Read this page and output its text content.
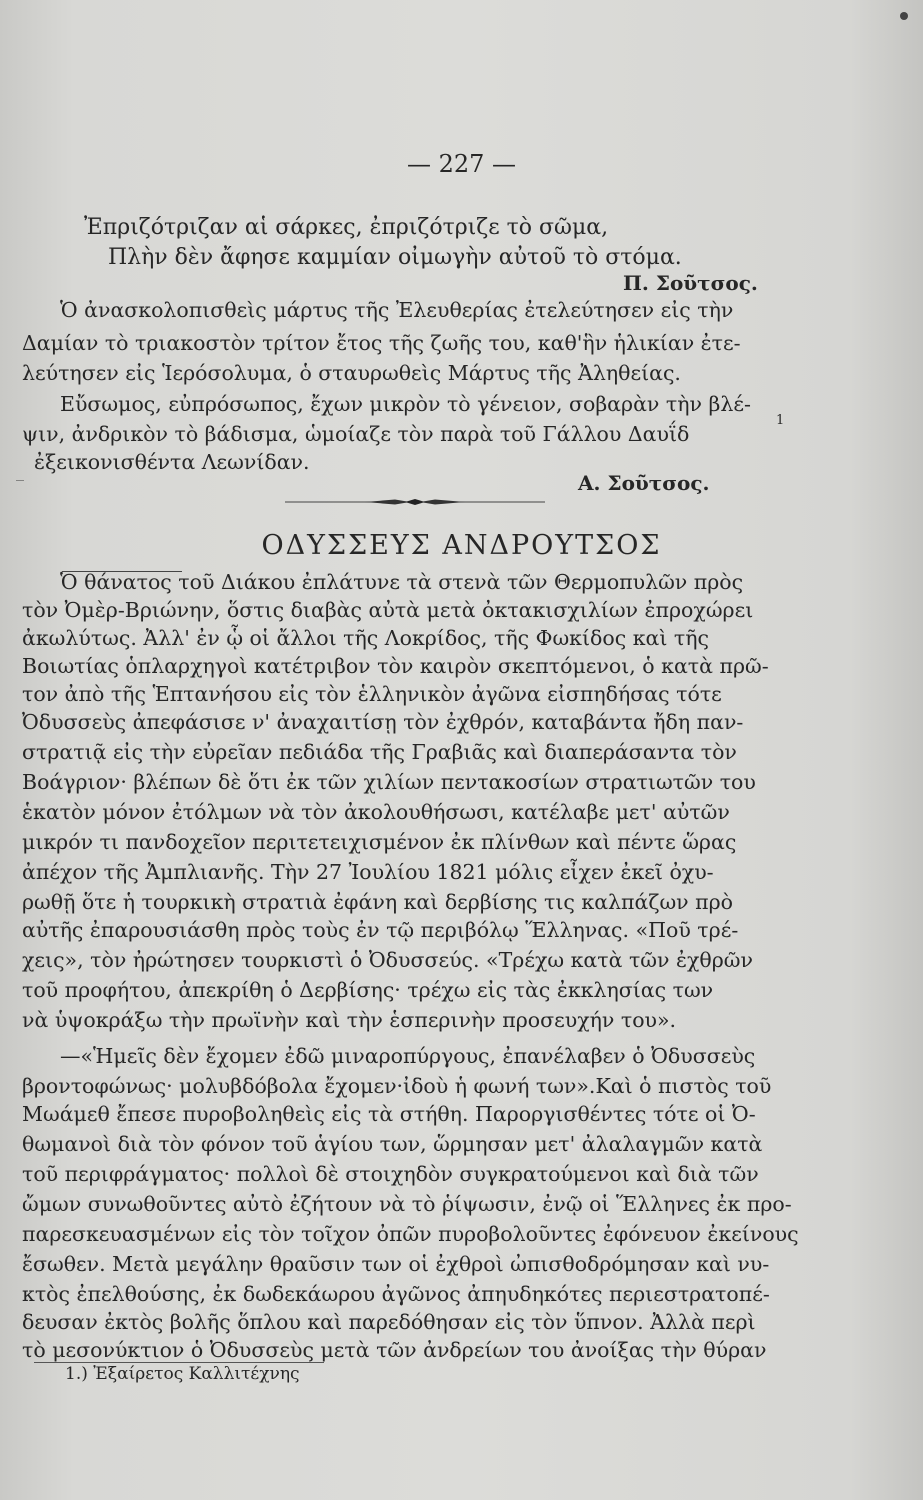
— 227 —
Ἐπριζότριζαν αἱ σάρκες, ἐπριζότριζε τὸ σῶμα,
Πλὴν δὲν ἄφησε καμμίαν οἰμωγὴν αὐτοῦ τὸ στόμα.
Π. Σοῦτσος.
Ὁ ἀνασκολοπισθεὶς μάρτυς τῆς Ἐλευθερίας ἐτελεύτησεν εἰς τὴν
Δαμίαν τὸ τριακοστὸν τρίτον ἔτος τῆς ζωῆς του, καθ'ἣν ἡλικίαν ἐτε-
λεύτησεν εἰς Ἱερόσολυμα, ὁ σταυρωθεὶς Μάρτυς τῆς Ἀληθείας.
Εὔσωμος, εὐπρόσωπος, ἔχων μικρὸν τὸ γένειον, σοβαρὰν τὴν βλέ-
ψιν, ἀνδρικὸν τὸ βάδισμα, ὡμοίαζε τὸν παρὰ τοῦ Γάλλου Δαυΐδ
1
ἐξεικονισθέντα Λεωνίδαν.
_	Α. Σοῦτσος.
ΟΔΥΣΣΕΥΣ ΑΝΔΡΟΥΤΣΟΣ
Ὁ θάνατος τοῦ Διάκου ἐπλάτυνε τὰ στενὰ τῶν Θερμοπυλῶν πρὸς
τὸν Ὀμὲρ-Βριώνην, ὅστις διαβὰς αὐτὰ μετὰ ὀκτακισχιλίων ἐπροχώρει
ἀκωλύτως. Ἀλλ' ἐν ᾧ οἱ ἄλλοι τῆς Λοκρίδος, τῆς Φωκίδος καὶ τῆς
Βοιωτίας ὁπλαρχηγοὶ κατέτριβον τὸν καιρὸν σκεπτόμενοι, ὁ κατὰ πρῶ-
τον ἀπὸ τῆς Ἑπτανήσου εἰς τὸν ἑλληνικὸν ἀγῶνα εἰσπηδήσας τότε
Ὀδυσσεὺς ἀπεφάσισε ν' ἀναχαιτίσῃ τὸν ἐχθρόν, καταβάντα ἤδη παν-
στρατιᾷ εἰς τὴν εὐρεῖαν πεδιάδα τῆς Γραβιᾶς καὶ διαπεράσαντα τὸν
Βοάγριον· βλέπων δὲ ὅτι ἐκ τῶν χιλίων πεντακοσίων στρατιωτῶν του
ἑκατὸν μόνον ἐτόλμων νὰ τὸν ἀκολουθήσωσι, κατέλαβε μετ' αὐτῶν
μικρόν τι πανδοχεῖον περιτετειχισμένον ἐκ πλίνθων καὶ πέντε ὥρας
ἀπέχον τῆς Ἀμπλιανῆς. Τὴν 27 Ἰουλίου 1821 μόλις εἶχεν ἐκεῖ ὀχυ-
ρωθῇ ὅτε ἡ τουρκικὴ στρατιὰ ἐφάνη καὶ δερβίσης τις καλπάζων πρὸ
αὐτῆς ἐπαρουσιάσθη πρὸς τοὺς ἐν τῷ περιβόλῳ Ἕλληνας. «Ποῦ τρέ-
χεις», τὸν ἠρώτησεν τουρκιστὶ ὁ Ὀδυσσεύς. «Τρέχω κατὰ τῶν ἐχθρῶν
τοῦ προφήτου, ἀπεκρίθη ὁ Δερβίσης· τρέχω εἰς τὰς ἐκκλησίας των
νὰ ὑψοκράξω τὴν πρωϊνὴν καὶ τὴν ἑσπερινὴν προσευχήν του».
—«Ἡμεῖς δὲν ἔχομεν ἐδῶ μιναροπύργους, ἐπανέλαβεν ὁ Ὀδυσσεὺς
βροντοφώνως· μολυβδόβολα ἔχομεν·ἰδοὺ ἡ φωνή των».Καὶ ὁ πιστὸς τοῦ
Μωάμεθ ἔπεσε πυροβοληθεὶς εἰς τὰ στήθη. Παροργισθέντες τότε οἱ Ὀ-
θωμανοὶ διὰ τὸν φόνον τοῦ ἁγίου των, ὥρμησαν μετ' ἀλαλαγμῶν κατὰ
τοῦ περιφράγματος· πολλοὶ δὲ στοιχηδὸν συγκρατούμενοι καὶ διὰ τῶν
ὤμων συνωθοῦντες αὐτὸ ἐζήτουν νὰ τὸ ῥίψωσιν, ἐνῷ οἱ Ἕλληνες ἐκ προ-
παρεσκευασμένων εἰς τὸν τοῖχον ὀπῶν πυροβολοῦντες ἐφόνευον ἐκείνους
ἔσωθεν. Μετὰ μεγάλην θραῦσιν των οἱ ἐχθροὶ ὠπισθοδρόμησαν καὶ νυ-
κτὸς ἐπελθούσης, ἐκ δωδεκάωρου ἀγῶνος ἀπηυδηκότες περιεστρατοπέ-
δευσαν ἐκτὸς βολῆς ὅπλου καὶ παρεδόθησαν εἰς τὸν ὕπνον. Ἀλλὰ περὶ
τὸ μεσονύκτιον ὁ Ὀδυσσεὺς μετὰ τῶν ἀνδρείων του ἀνοίξας τὴν θύραν
1.) Ἐξαίρετος Καλλιτέχνης
